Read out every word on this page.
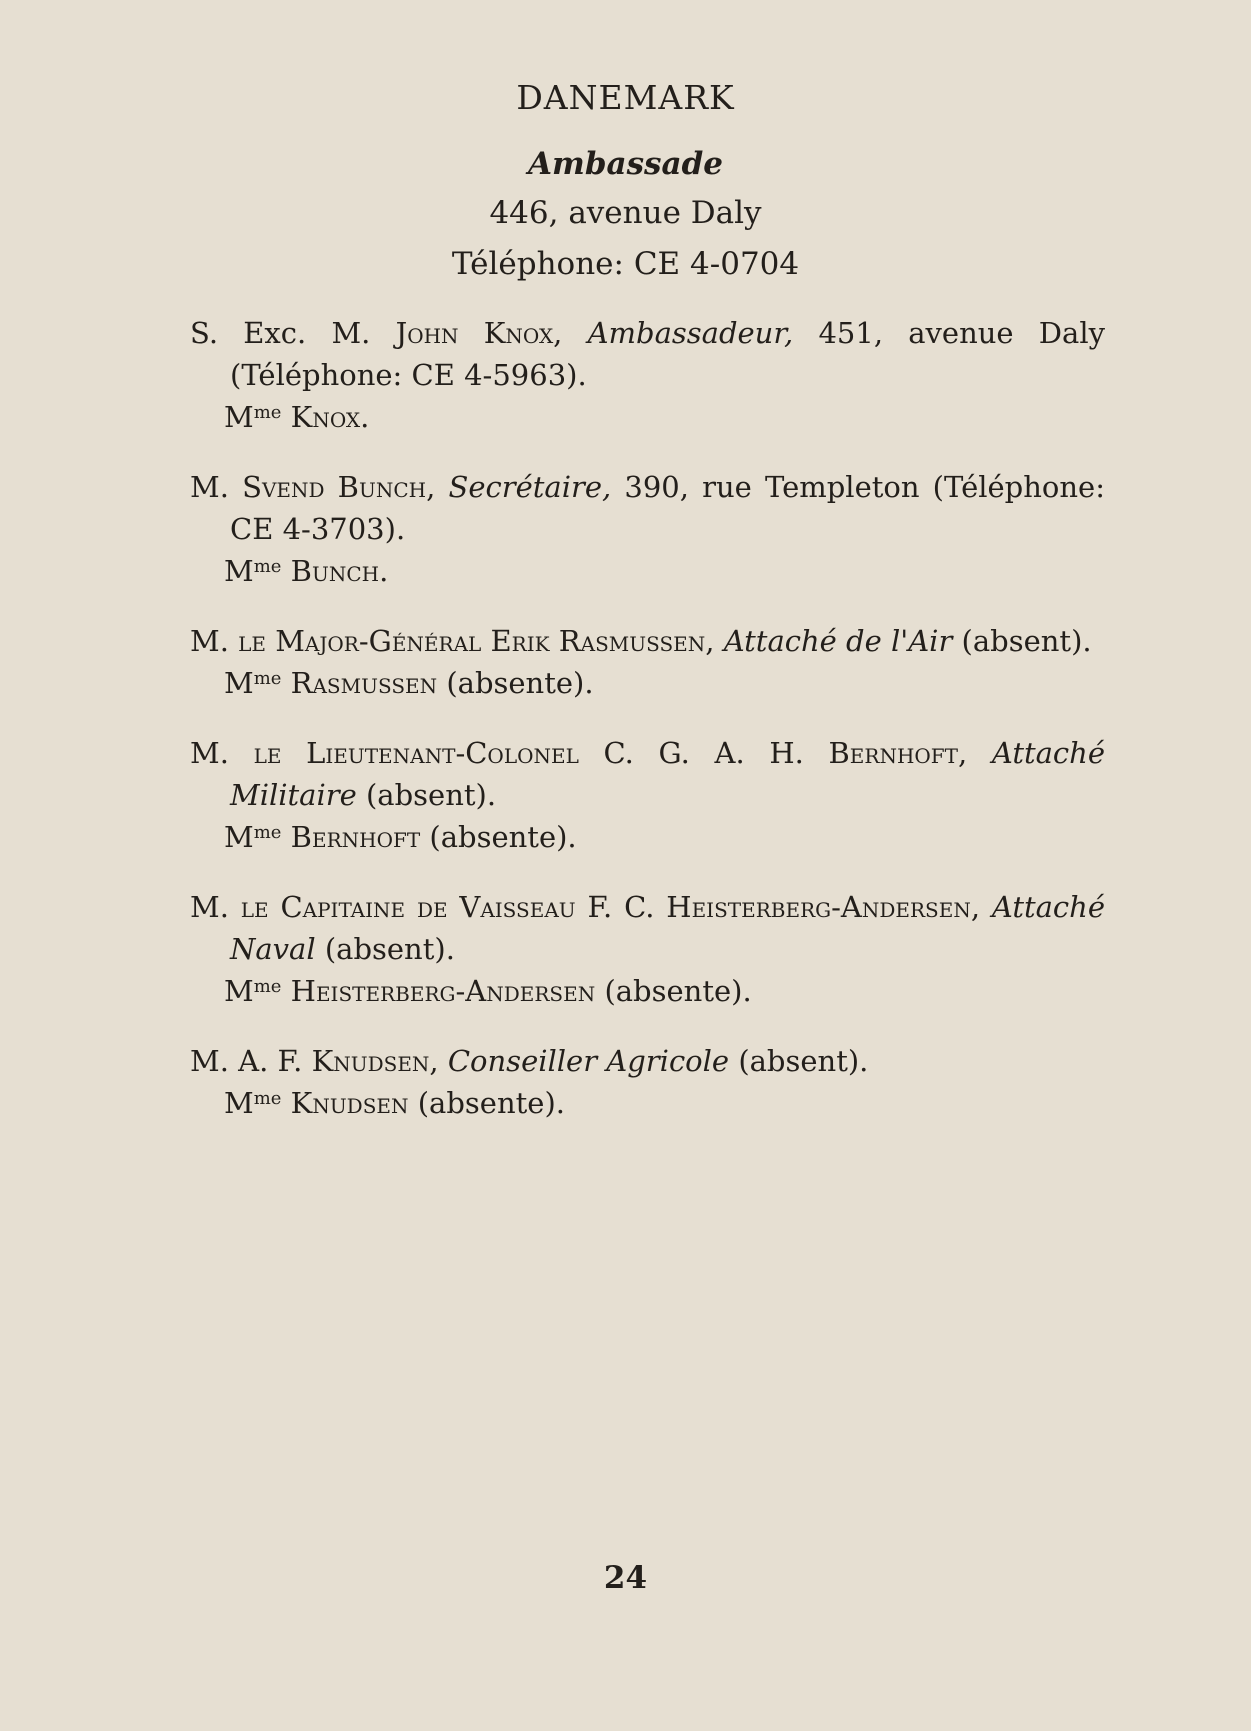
DANEMARK
Ambassade
446, avenue Daly
Téléphone: CE 4-0704
S. Exc. M. John Knox, Ambassadeur, 451, avenue Daly (Téléphone: CE 4-5963).
$M^{me}$ Knox.
M. Svend Bunch, Secrétaire, 390, rue Templeton (Téléphone: CE 4-3703).
$M^{me}$ Bunch.
M. le Major-Général Erik Rasmussen, Attaché de l'Air (absent).
$M^{me}$ Rasmussen (absente).
M. le Lieutenant-Colonel C. G. A. H. Bernhoft, Attaché Militaire (absent).
$M^{me}$ Bernhoft (absente).
M. le Capitaine de Vaisseau F. C. Heisterberg-Andersen, Attaché Naval (absent).
$M^{me}$ Heisterberg-Andersen (absente).
M. A. F. Knudsen, Conseiller Agricole (absent).
$M^{me}$ Knudsen (absente).
24
